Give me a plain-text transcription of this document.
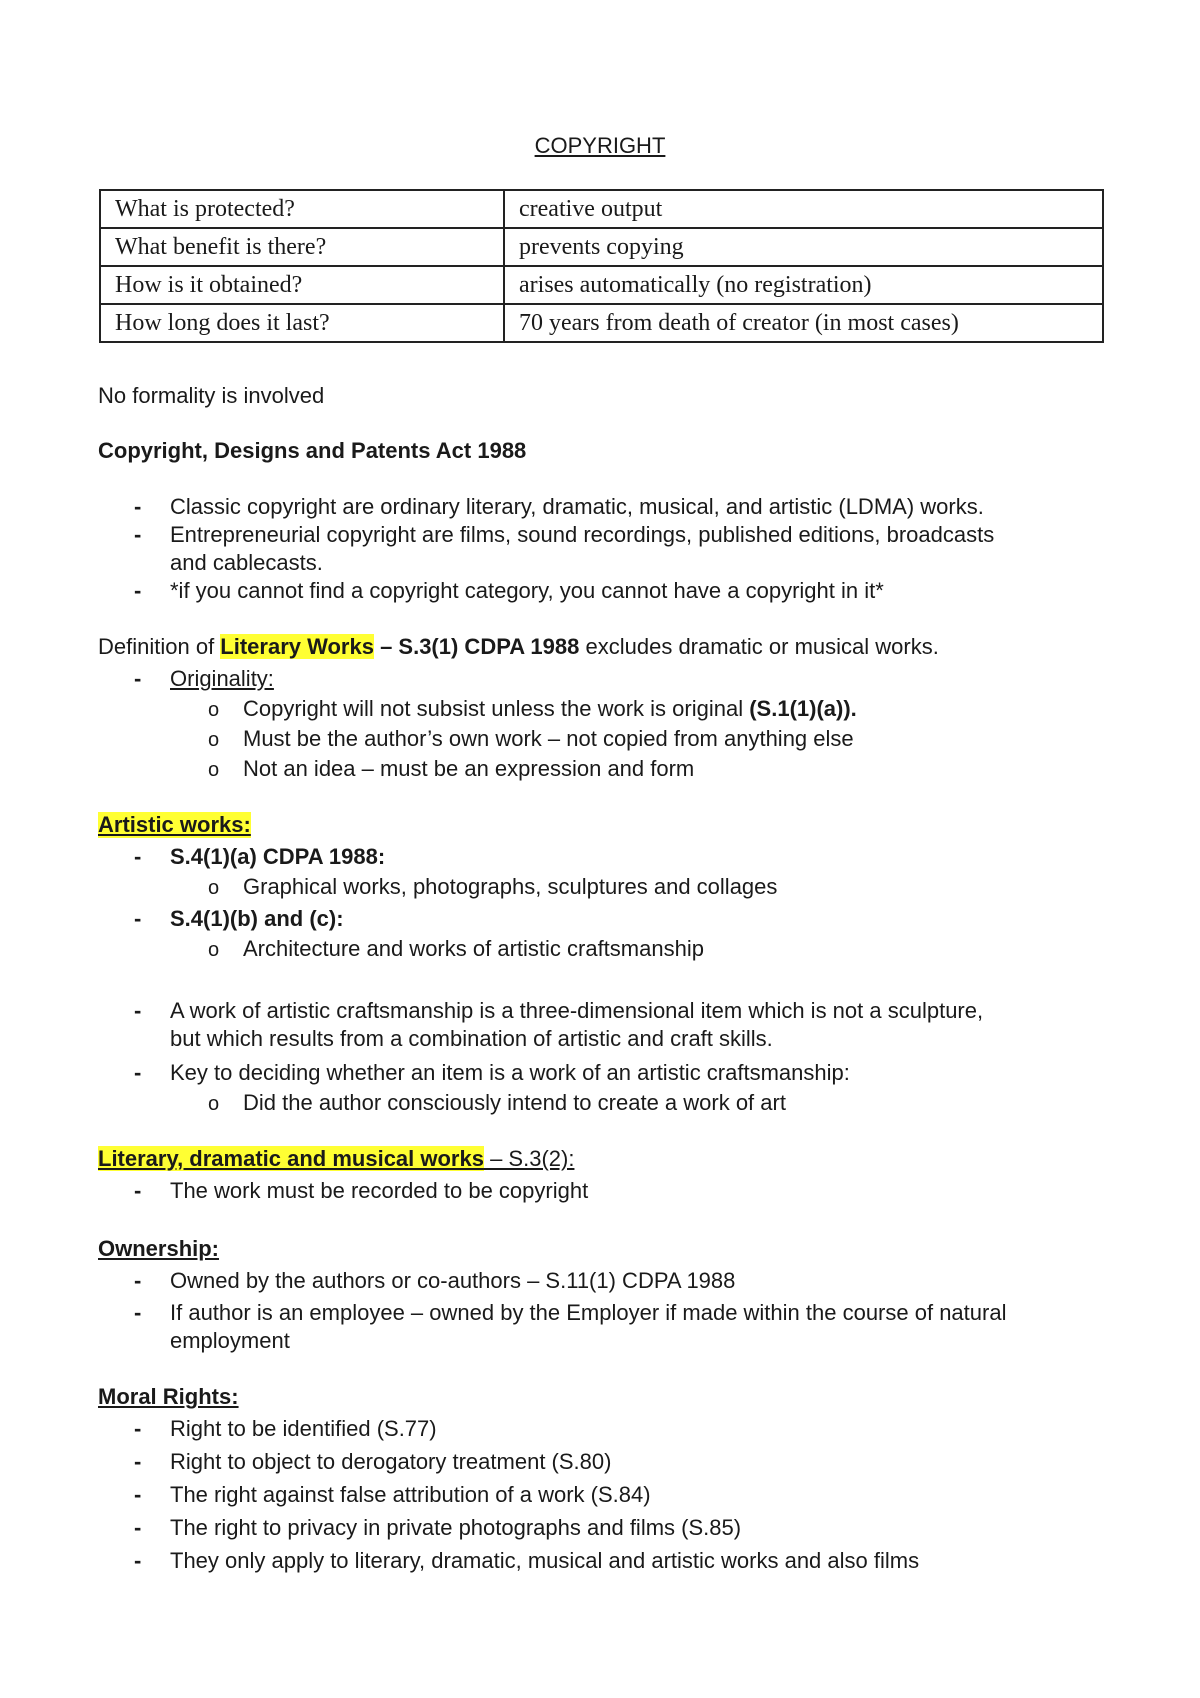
COPYRIGHT
What is protected?	creative output
What benefit is there?	prevents copying
How is it obtained?	arises automatically (no registration)
How long does it last?	70 years from death of creator (in most cases)
No formality is involved
Copyright, Designs and Patents Act 1988
- Classic copyright are ordinary literary, dramatic, musical, and artistic (LDMA) works.
- Entrepreneurial copyright are films, sound recordings, published editions, broadcasts
and cablecasts.
- *if you cannot find a copyright category, you cannot have a copyright in it*
Definition of Literary Works – S.3(1) CDPA 1988 excludes dramatic or musical works.
- Originality:
o Copyright will not subsist unless the work is original (S.1(1)(a)).
o Must be the author’s own work – not copied from anything else
o Not an idea – must be an expression and form
Artistic works:
- S.4(1)(a) CDPA 1988:
o Graphical works, photographs, sculptures and collages
- S.4(1)(b) and (c):
o Architecture and works of artistic craftsmanship
- A work of artistic craftsmanship is a three-dimensional item which is not a sculpture,
but which results from a combination of artistic and craft skills.
- Key to deciding whether an item is a work of an artistic craftsmanship:
o Did the author consciously intend to create a work of art
Literary, dramatic and musical works – S.3(2):
- The work must be recorded to be copyright
Ownership:
- Owned by the authors or co-authors – S.11(1) CDPA 1988
- If author is an employee – owned by the Employer if made within the course of natural
employment
Moral Rights:
- Right to be identified (S.77)
- Right to object to derogatory treatment (S.80)
- The right against false attribution of a work (S.84)
- The right to privacy in private photographs and films (S.85)
- They only apply to literary, dramatic, musical and artistic works and also films
